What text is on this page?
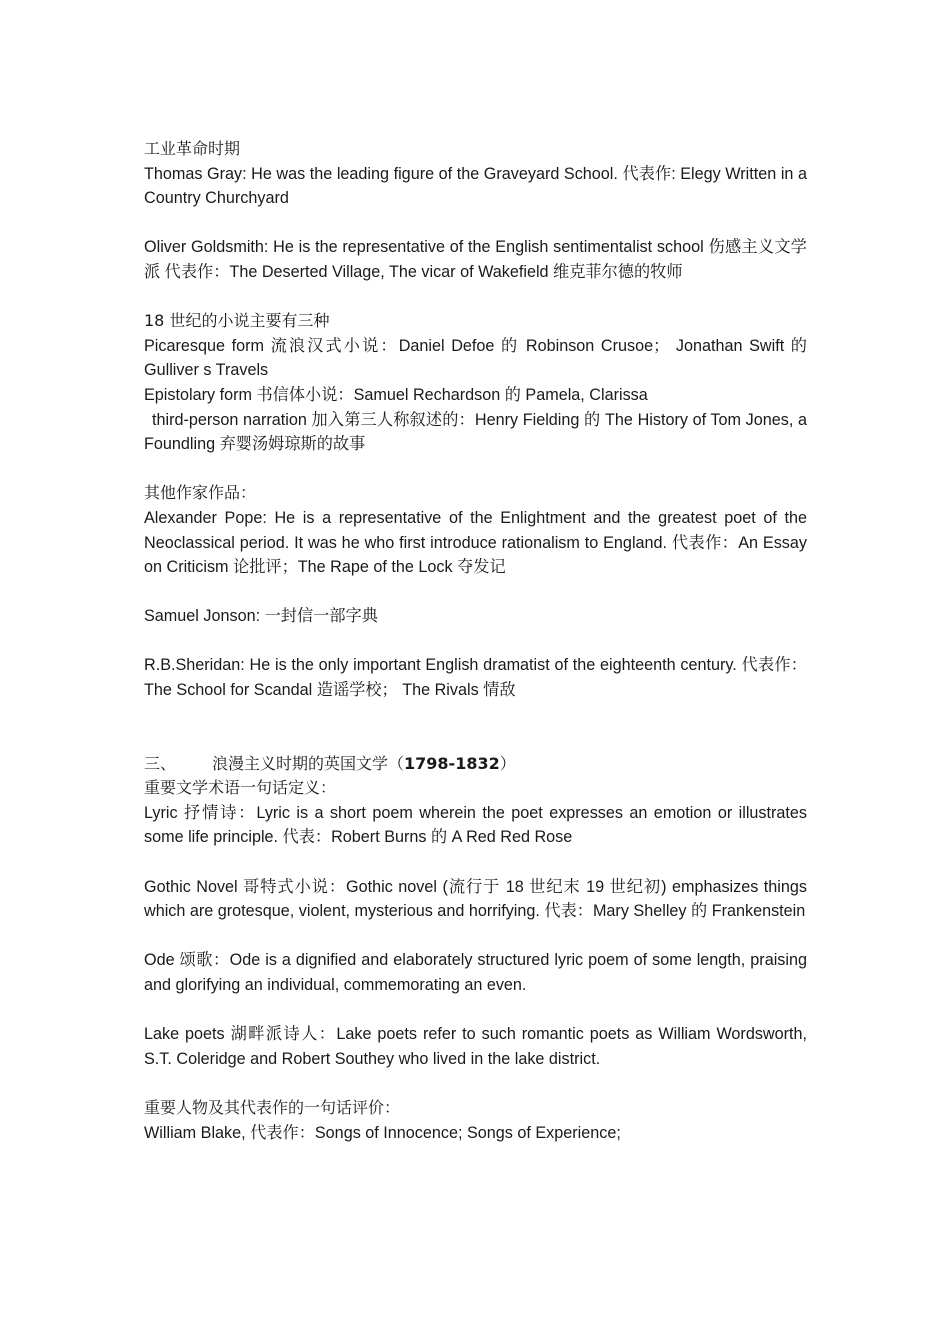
工业革命时期

Thomas Gray: He was the leading figure of the Graveyard School. 代表作: Elegy Written in a Country Churchyard

Oliver Goldsmith: He is the representative of the English sentimentalist school 伤感主义文学派 代表作：The Deserted Village, The vicar of Wakefield 维克菲尔德的牧师

18 世纪的小说主要有三种

Picaresque form 流浪汉式小说：Daniel Defoe 的 Robinson Crusoe； Jonathan Swift 的 Gulliver s Travels

Epistolary form 书信体小说：Samuel Rechardson 的 Pamela, Clarissa

third-person narration 加入第三人称叙述的：Henry Fielding 的 The History of Tom Jones, a Foundling 弃婴汤姆琼斯的故事

其他作家作品：

Alexander Pope: He is a representative of the Enlightment and the greatest poet of the Neoclassical period. It was he who first introduce rationalism to England. 代表作：An Essay on Criticism 论批评；The Rape of the Lock 夺发记

Samuel Jonson: 一封信一部字典

R.B.Sheridan: He is the only important English dramatist of the eighteenth century. 代表作：The School for Scandal 造谣学校； The Rivals 情敌

三、 浪漫主义时期的英国文学（1798-1832）

重要文学术语一句话定义：

Lyric 抒情诗：Lyric is a short poem wherein the poet expresses an emotion or illustrates some life principle. 代表：Robert Burns 的 A Red Red Rose

Gothic Novel 哥特式小说：Gothic novel (流行于 18 世纪末 19 世纪初) emphasizes things which are grotesque, violent, mysterious and horrifying. 代表：Mary Shelley 的 Frankenstein

Ode 颂歌：Ode is a dignified and elaborately structured lyric poem of some length, praising and glorifying an individual, commemorating an even.

Lake poets 湖畔派诗人：Lake poets refer to such romantic poets as William Wordsworth, S.T. Coleridge and Robert Southey who lived in the lake district.

重要人物及其代表作的一句话评价：

William Blake, 代表作：Songs of Innocence; Songs of Experience;
